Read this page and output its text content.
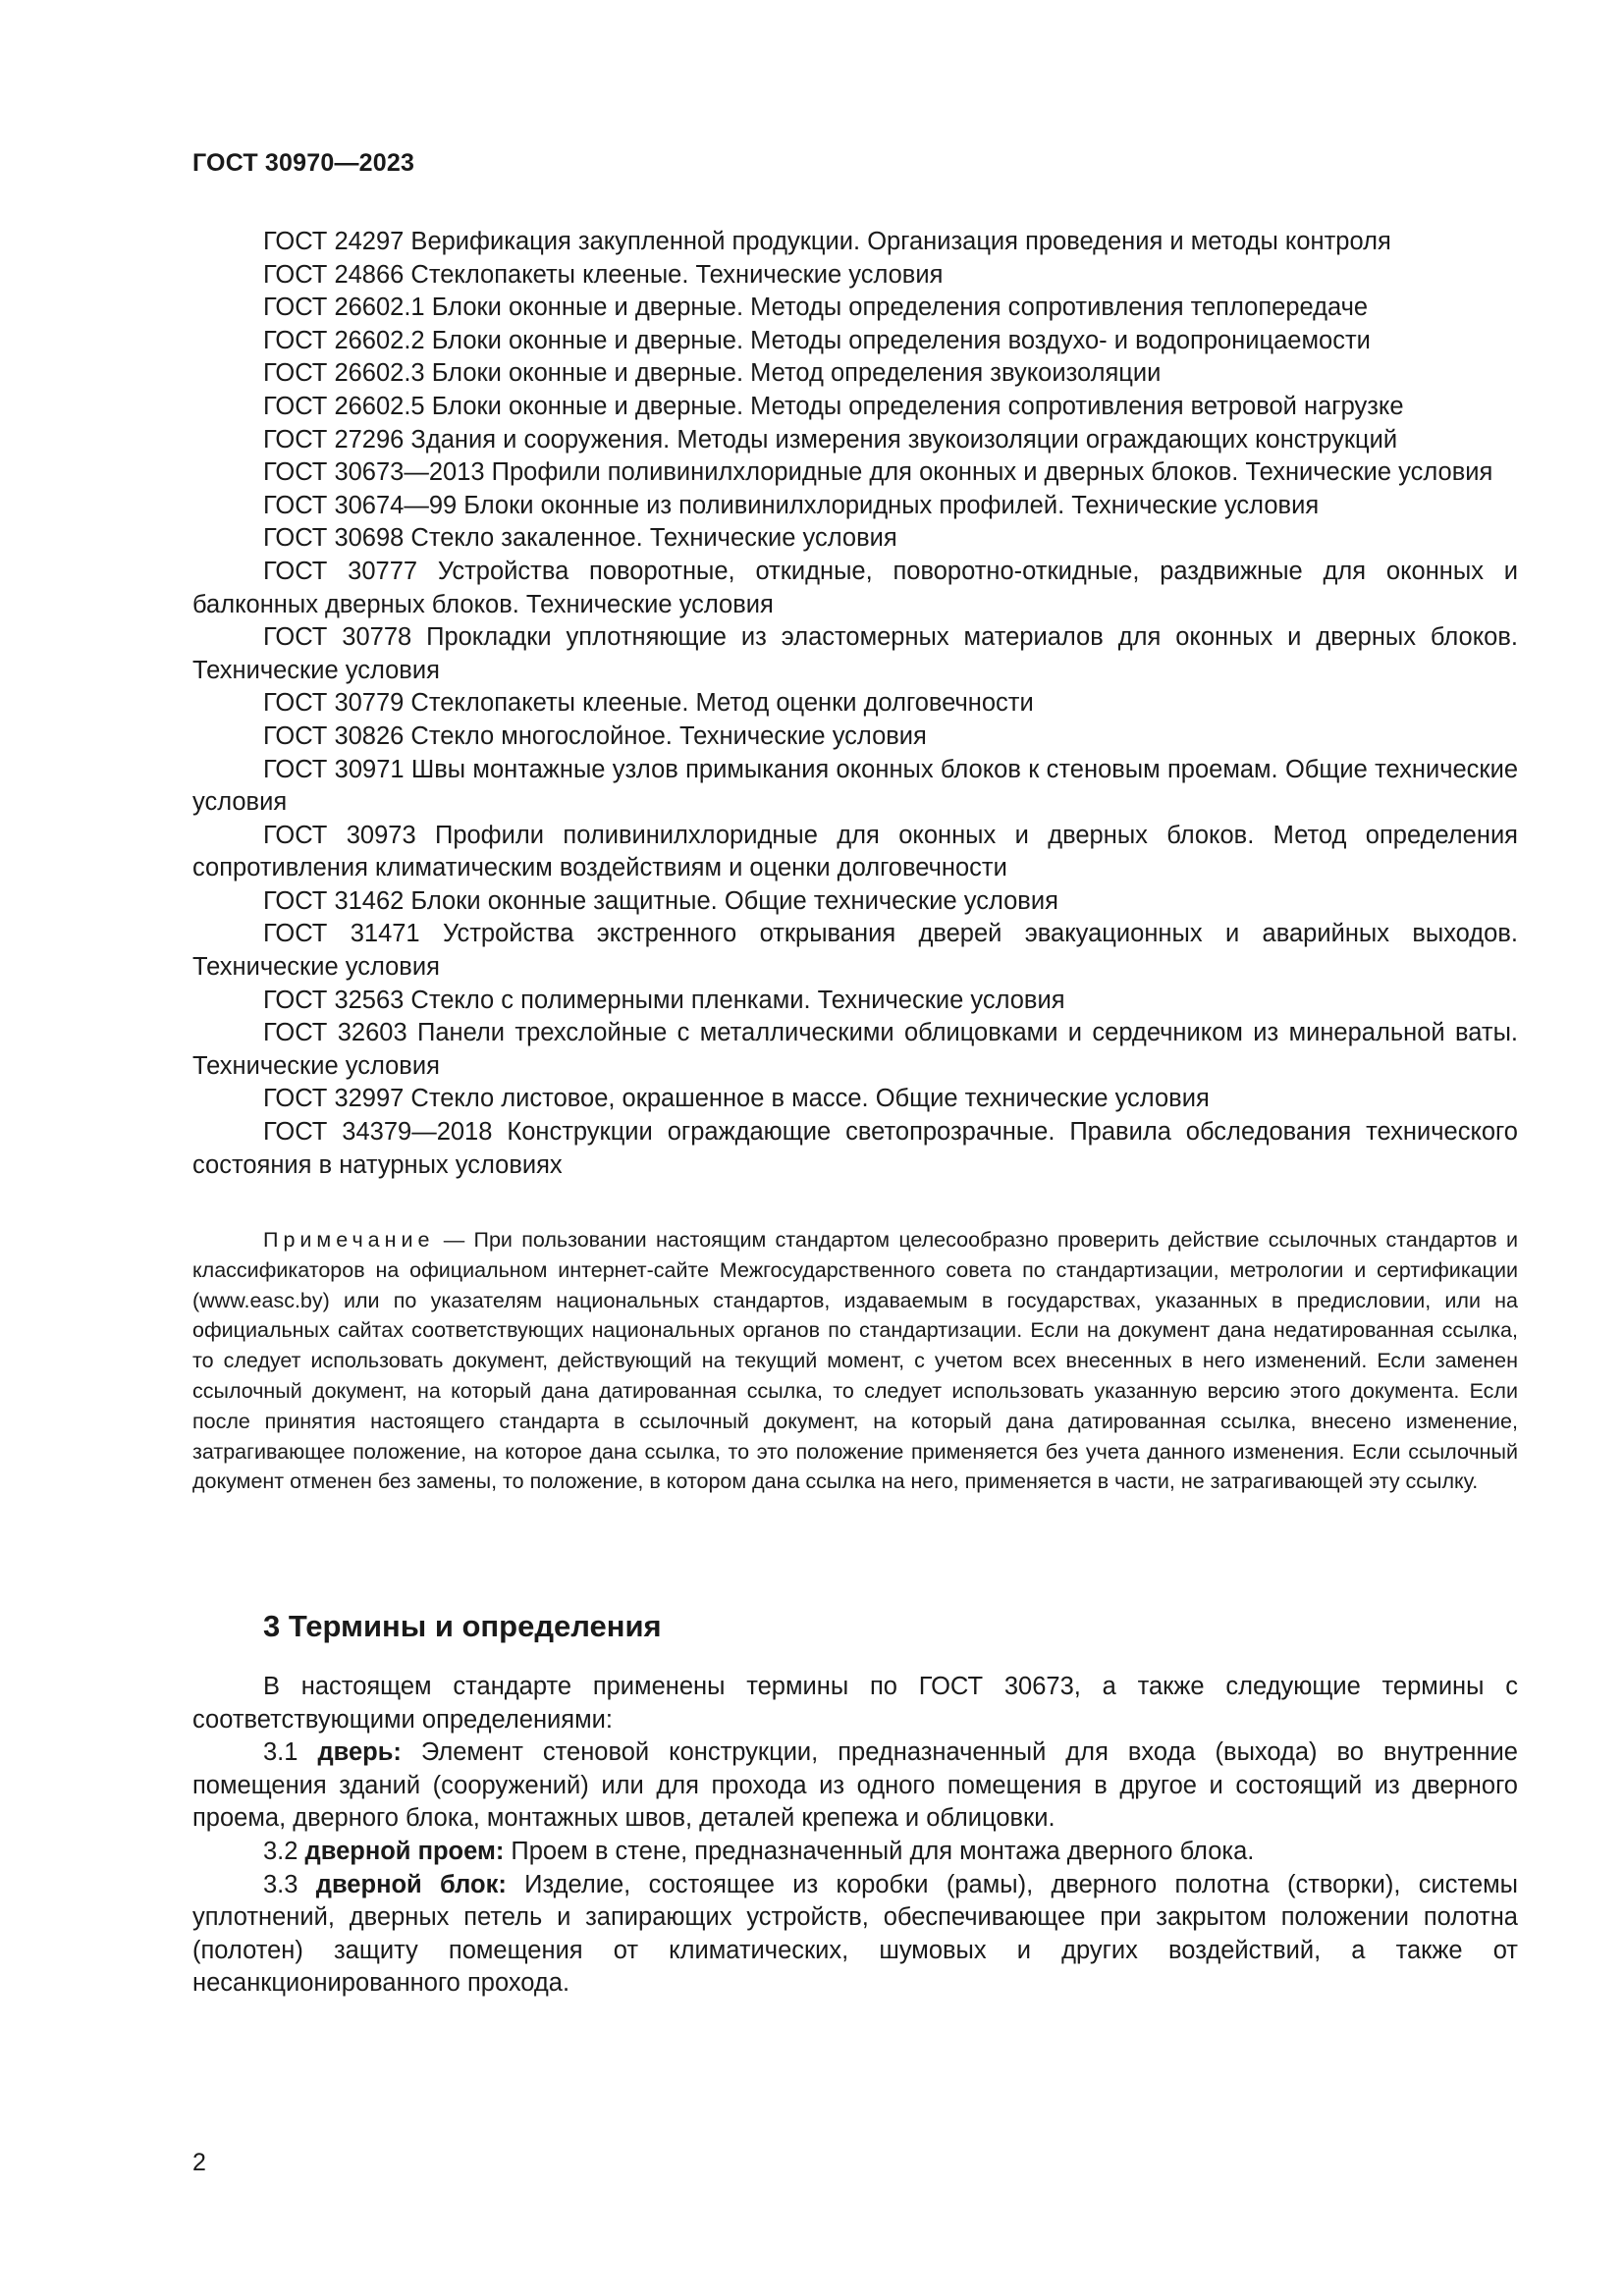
ГОСТ 30970—2023

ГОСТ 24297 Верификация закупленной продукции. Организация проведения и методы контроля

ГОСТ 24866 Стеклопакеты клееные. Технические условия

ГОСТ 26602.1 Блоки оконные и дверные. Методы определения сопротивления теплопередаче

ГОСТ 26602.2 Блоки оконные и дверные. Методы определения воздухо- и водопроницаемости

ГОСТ 26602.3 Блоки оконные и дверные. Метод определения звукоизоляции

ГОСТ 26602.5 Блоки оконные и дверные. Методы определения сопротивления ветровой нагрузке

ГОСТ 27296 Здания и сооружения. Методы измерения звукоизоляции ограждающих конструкций

ГОСТ 30673—2013 Профили поливинилхлоридные для оконных и дверных блоков. Технические условия

ГОСТ 30674—99 Блоки оконные из поливинилхлоридных профилей. Технические условия

ГОСТ 30698 Стекло закаленное. Технические условия

ГОСТ 30777 Устройства поворотные, откидные, поворотно-откидные, раздвижные для оконных и балконных дверных блоков. Технические условия

ГОСТ 30778 Прокладки уплотняющие из эластомерных материалов для оконных и дверных блоков. Технические условия

ГОСТ 30779 Стеклопакеты клееные. Метод оценки долговечности

ГОСТ 30826 Стекло многослойное. Технические условия

ГОСТ 30971 Швы монтажные узлов примыкания оконных блоков к стеновым проемам. Общие технические условия

ГОСТ 30973 Профили поливинилхлоридные для оконных и дверных блоков. Метод определения сопротивления климатическим воздействиям и оценки долговечности

ГОСТ 31462 Блоки оконные защитные. Общие технические условия

ГОСТ 31471 Устройства экстренного открывания дверей эвакуационных и аварийных выходов. Технические условия

ГОСТ 32563 Стекло с полимерными пленками. Технические условия

ГОСТ 32603 Панели трехслойные с металлическими облицовками и сердечником из минеральной ваты. Технические условия

ГОСТ 32997 Стекло листовое, окрашенное в массе. Общие технические условия

ГОСТ 34379—2018 Конструкции ограждающие светопрозрачные. Правила обследования технического состояния в натурных условиях

Примечание — При пользовании настоящим стандартом целесообразно проверить действие ссылочных стандартов и классификаторов на официальном интернет-сайте Межгосударственного совета по стандартизации, метрологии и сертификации (www.easc.by) или по указателям национальных стандартов, издаваемым в государствах, указанных в предисловии, или на официальных сайтах соответствующих национальных органов по стандартизации. Если на документ дана недатированная ссылка, то следует использовать документ, действующий на текущий момент, с учетом всех внесенных в него изменений. Если заменен ссылочный документ, на который дана датированная ссылка, то следует использовать указанную версию этого документа. Если после принятия настоящего стандарта в ссылочный документ, на который дана датированная ссылка, внесено изменение, затрагивающее положение, на которое дана ссылка, то это положение применяется без учета данного изменения. Если ссылочный документ отменен без замены, то положение, в котором дана ссылка на него, применяется в части, не затрагивающей эту ссылку.

3 Термины и определения

В настоящем стандарте применены термины по ГОСТ 30673, а также следующие термины с соответствующими определениями:

3.1 дверь: Элемент стеновой конструкции, предназначенный для входа (выхода) во внутренние помещения зданий (сооружений) или для прохода из одного помещения в другое и состоящий из дверного проема, дверного блока, монтажных швов, деталей крепежа и облицовки.

3.2 дверной проем: Проем в стене, предназначенный для монтажа дверного блока.

3.3 дверной блок: Изделие, состоящее из коробки (рамы), дверного полотна (створки), системы уплотнений, дверных петель и запирающих устройств, обеспечивающее при закрытом положении полотна (полотен) защиту помещения от климатических, шумовых и других воздействий, а также от несанкционированного прохода.

2
